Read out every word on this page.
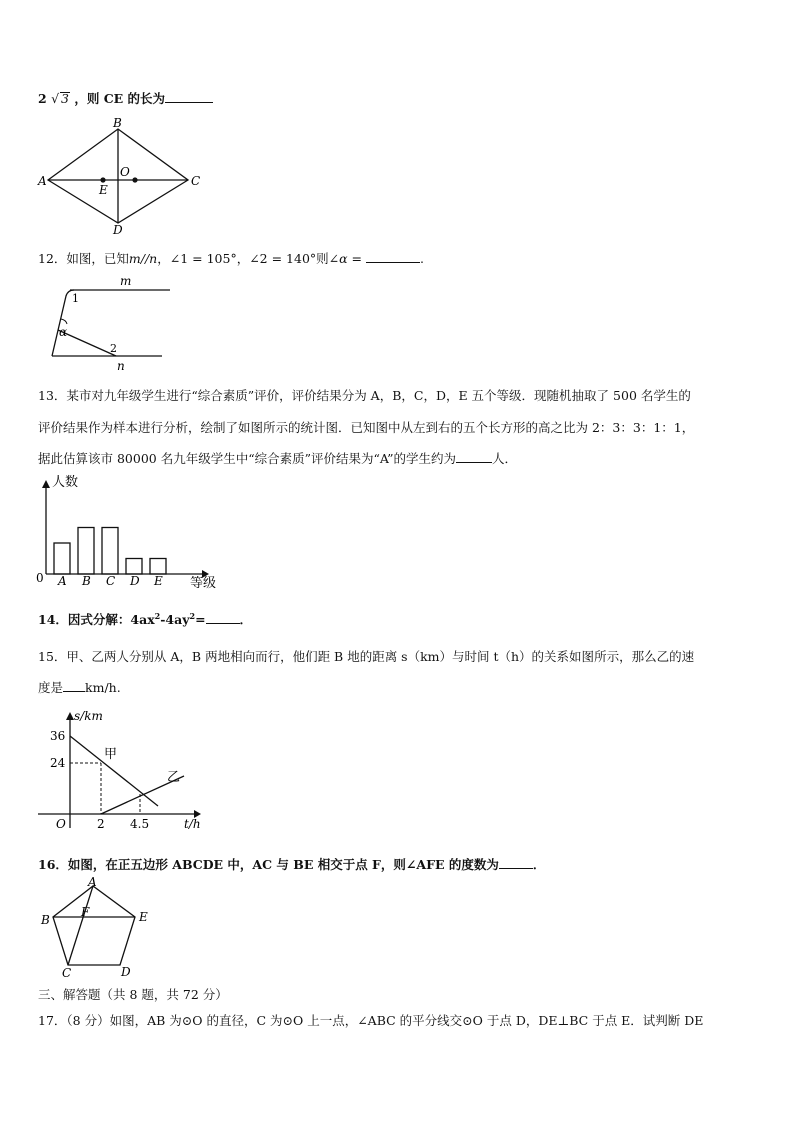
2 √ 3 ，则 CE 的长为
A
B
C
D
O
E
12．如图，已知m//n，∠1 = 105°，∠2 = 140°则∠α =	.
m
n
1
2
α
13．某市对九年级学生进行“综合素质”评价，评价结果分为 A，B，C，D，E 五个等级．现随机抽取了 500 名学生的
评价结果作为样本进行分析，绘制了如图所示的统计图．已知图中从左到右的五个长方形的高之比为 2：3：3：1：1，
据此估算该市 80000 名九年级学生中“综合素质”评价结果为“A”的学生约为	人．
人数
等级
0 A B C D E
14．因式分解：$4ax^2-4ay^2=$	．
15．甲、乙两人分别从 A，B 两地相向而行，他们距 B 地的距离 s（km）与时间 t（h）的关系如图所示，那么乙的速
度是 km/h.
s/km
t/h
O
36
24
2 4.5
甲
乙
16．如图，在正五边形 ABCDE 中，AC 与 BE 相交于点 F，则∠AFE 的度数为	．
A
B
C	D
E
F
三、解答题（共 8 题，共 72 分）
17．（8 分）如图，AB 为⊙O 的直径，C 为⊙O 上一点，∠ABC 的平分线交⊙O 于点 D，DE⊥BC 于点 E．试判断 DE
